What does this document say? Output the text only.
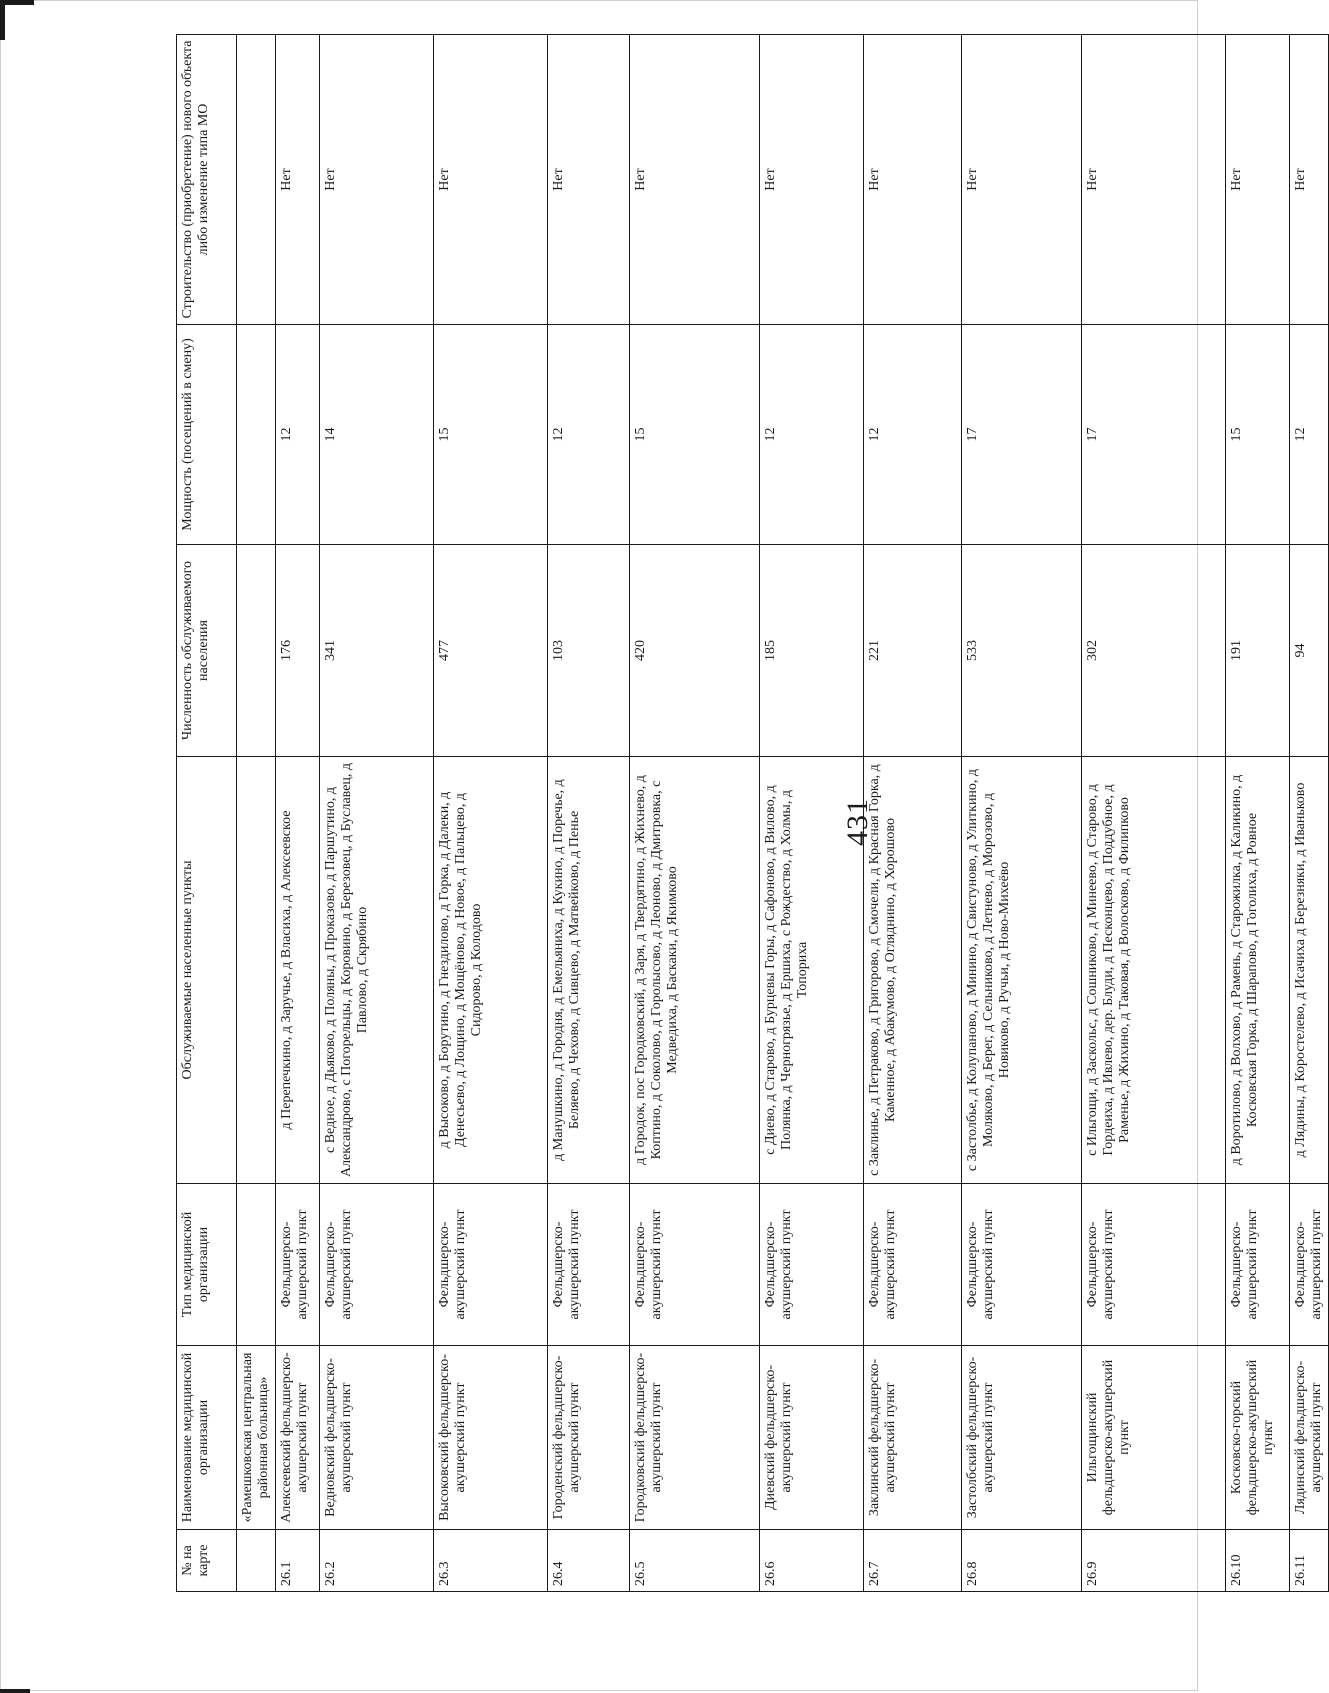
431
№ на карте	Наименование медицинской организации	Тип медицинской организации	Обслуживаемые населенные пункты	Численность обслуживаемого населения	Мощность (посещений в смену)	Строительство (приобретение) нового объекта либо изменение типа МО
	«Рамешковская центральная районная больница»					
26.1	Алексеевский фельдшерско-акушерский пункт	Фельдшерско-акушерский пункт	д Перепечкино, д Заручье, д Власиха, д Алексеевское	176	12	Нет
26.2	Ведновский фельдшерско-акушерский пункт	Фельдшерско-акушерский пункт	с Ведное, д Дьяково, д Поляны, д Проказово, д Паршутино, д Александрово, с Погорельцы, д Коровино, д Березовец, д Буславец, д Павлово, д Скрябино	341	14	Нет
26.3	Высоковский фельдшерско-акушерский пункт	Фельдшерско-акушерский пункт	д Высоково, д Борутино, д Гнездилово, д Горка, д Далеки, д Денесьево, д Лощино, д Мощёново, д Новое, д Пальцево, д Сидорово, д Колодово	477	15	Нет
26.4	Городенский фельдшерско-акушерский пункт	Фельдшерско-акушерский пункт	д Манушкино, д Городня, д Емельяниха, д Кукино, д Поречье, д Беляево, д Чехово, д Сивцево, д Матвейково, д Пенье	103	12	Нет
26.5	Городковский фельдшерско-акушерский пункт	Фельдшерско-акушерский пункт	д Городок, пос Городковский, д Заря, д Твердятино, д Жихнево, д Коптино, д Соколово, д Горолысово, д Леоново, д Дмитровка, с Медведиха, д Баскаки, д Якимково	420	15	Нет
26.6	Диевский фельдшерско-акушерский пункт	Фельдшерско-акушерский пункт	с Диево, д Старово, д Бурцевы Горы, д Сафоново, д Вилово, д Полянка, д Черногрязье, д Ершиха, с Рождество, д Холмы, д Топориха	185	12	Нет
26.7	Заклинский фельдшерско-акушерский пункт	Фельдшерско-акушерский пункт	с Заклинье, д Петраково, д Григорово, д Смочели, д Красная Горка, д Каменное, д Абакумово, д Огляднино, д Хорошово	221	12	Нет
26.8	Застолбский фельдшерско-акушерский пункт	Фельдшерско-акушерский пункт	с Застолбье, д Колупаново, д Минино, д Свистуново, д Улиткино, д Моляково, д Берег, д Сельниково, д Летнево, д Морозово, д Новиково, д Ручьи, д Ново-Михеёво	533	17	Нет
26.9	Ильгощинский фельдшерско-акушерский пункт	Фельдшерско-акушерский пункт	с Ильгощи, д Заскольс, д Сошниково, д Минеево, д Старово, д Гордеиха, д Ивлево, дер. Блуди, д Песконцево, д Поддубное, д Раменье, д Жихино, д Таковая, д Волосково, д Филипково	302	17	Нет
26.10	Косковско-горский фельдшерско-акушерский пункт	Фельдшерско-акушерский пункт	д Воротилово, д Волхово, д Рамень, д Старожилка, д Каликино, д Косковская Горка, д Шарапово, д Гоголиха, д Ровное	191	15	Нет
26.11	Лядинский фельдшерско-акушерский пункт	Фельдшерско-акушерский пункт	д Лядины, д Коростелево, д Исачиха д Березняки, д Иваньково	94	12	Нет
